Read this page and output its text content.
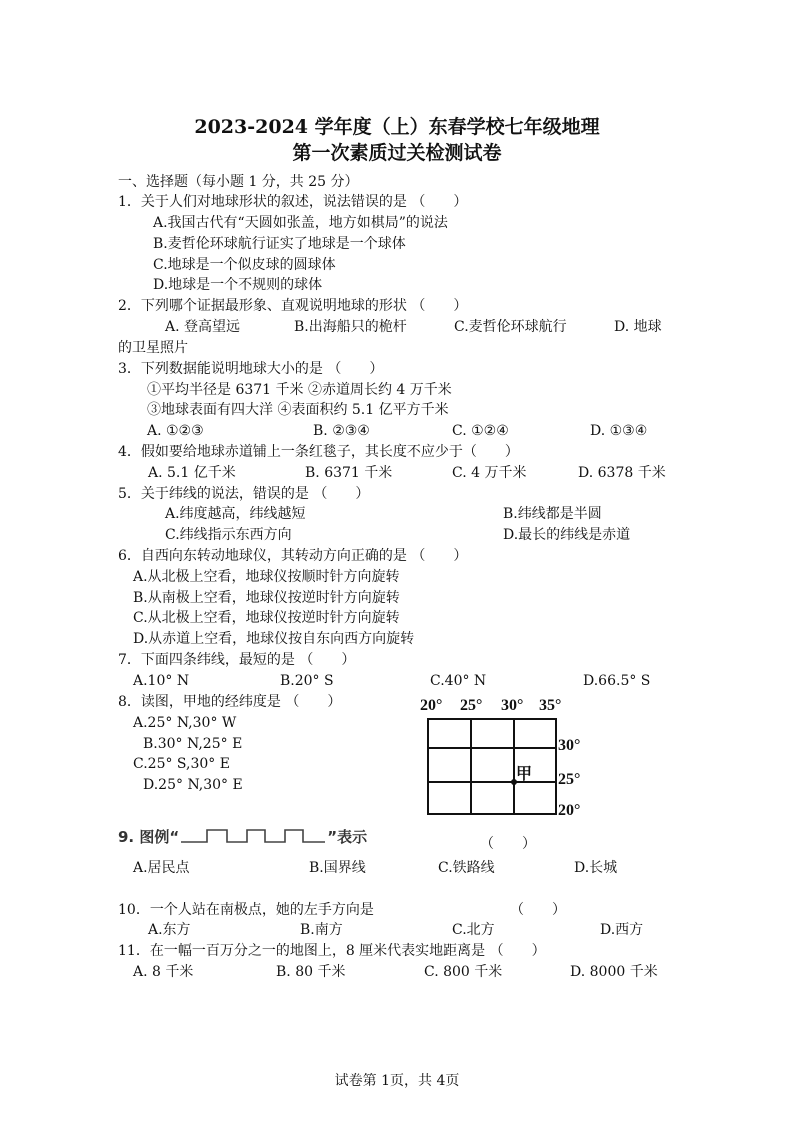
2023-2024 学年度（上）东春学校七年级地理
第一次素质过关检测试卷
一、选择题（每小题 1 分，共 25 分）
1．关于人们对地球形状的叙述，说法错误的是 （　　）
A.我国古代有“天圆如张盖，地方如棋局”的说法
B.麦哲伦环球航行证实了地球是一个球体
C.地球是一个似皮球的圆球体
D.地球是一个不规则的球体
2．下列哪个证据最形象、直观说明地球的形状 （　　）
A. 登高望远	B.出海船只的桅杆	C.麦哲伦环球航行	D. 地球
的卫星照片
3．下列数据能说明地球大小的是 （　　）
①平均半径是 6371 千米 ②赤道周长约 4 万千米
③地球表面有四大洋 ④表面积约 5.1 亿平方千米
A. ①②③	B. ②③④	C. ①②④	D. ①③④
4．假如要给地球赤道铺上一条红毯子，其长度不应少于（　　）
A. 5.1 亿千米	B. 6371 千米	C. 4 万千米	D. 6378 千米
5．关于纬线的说法，错误的是 （　　）
A.纬度越高，纬线越短	B.纬线都是半圆
C.纬线指示东西方向	D.最长的纬线是赤道
6．自西向东转动地球仪，其转动方向正确的是 （　　）
A.从北极上空看，地球仪按顺时针方向旋转
B.从南极上空看，地球仪按逆时针方向旋转
C.从北极上空看，地球仪按逆时针方向旋转
D.从赤道上空看，地球仪按自东向西方向旋转
7．下面四条纬线，最短的是 （　　）
A.10° N	B.20° S	C.40° N	D.66.5° S
8．读图，甲地的经纬度是 （　　）
A.25° N,30° W
B.30° N,25° E
C.25° S,30° E
D.25° N,30° E
20° 25° 30° 35°
30°
25°
20°
甲
9. 图例“	”表示	（　　）
A.居民点	B.国界线	C.铁路线	D.长城
10．一个人站在南极点，她的左手方向是	（　　）
A.东方	B.南方	C.北方	D.西方
11．在一幅一百万分之一的地图上，8 厘米代表实地距离是 （　　）
A. 8 千米	B. 80 千米	C. 800 千米	D. 8000 千米
试卷第 1页，共 4页
